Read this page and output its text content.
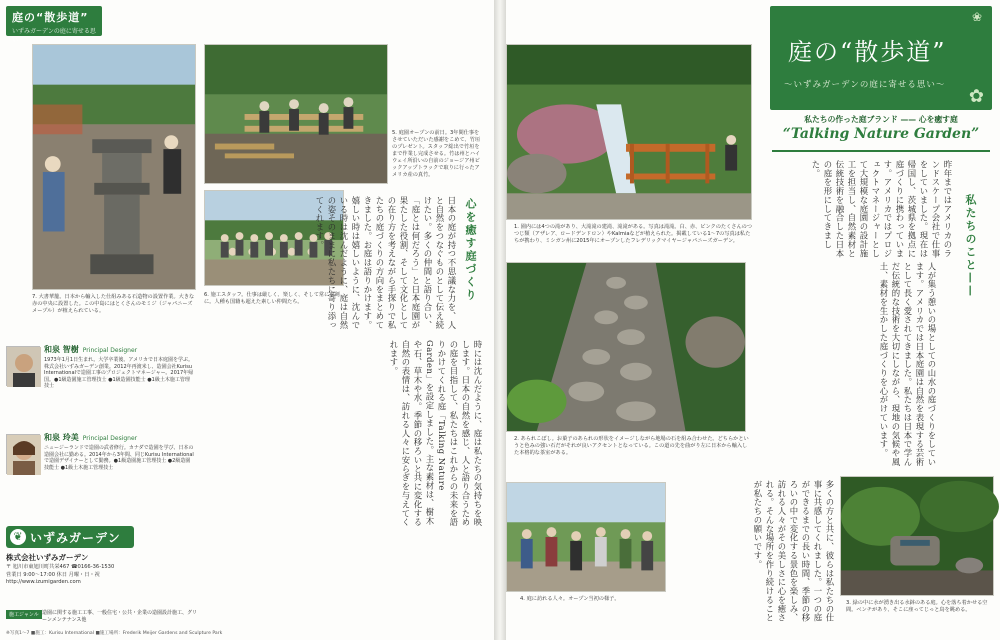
庭の“散歩道”
いずみガーデンの庭に寄せる思い
7. 大書華籠。日本から輸入した仕組みある石造物の設置作業。大きな赤の中央に設置した。この中島にはとくさんのモミジ（ジャパニーズメープル）が植えられている。
5. 庭園オープンの前日。3年間仕事をさせていただいた感謝をこめて、竹垣のプレゼント。スタッフ総出で竹垣をまで作業し完成させる。竹は州とハイウェイ所沿いの自前のジョージア州ピックアップトラックで取りに行ったアメリカ産の真竹。
6. 施工スタッフ。仕事は厳しく、楽しく、そして常に真剣に。人種も国籍も超えた素しい仲間たち。	心を癒す庭づくり
日本の庭が持つ不思議な力を、人と自然をつなぐものとして伝え続けたい。多くの仲間と語り合い、「庭とは何だろう」と日本庭園が果たした役割、そして文化としての在り方を考えながら手探りで私たちの庭づくりの方向をまとめてきました。お庭は語りかけます。嬉しい時は嬉しいように、沈んでいる時は沈んだように、庭は自然の姿そのままに私たちに寄り添ってくれます。
時には沈んだように、庭は私たちの気持ちを映します。日本の自然を感じ、人と語り合うための庭を目指して、私たちはこれからの未来を語りかけてくれる庭「Talking Nature Garden」を設定しました。主な素材は、樹木や石、草木や水。季節の移ろいと共に変化する自然の表情は、訪れる人々に安らぎを与えてくれます。
和泉 智樹 Principal Designer
1973年1月1日生まれ。大学卒業後、アメリカで日本庭園を学ぶ。株式会社いずみガーデン創業。2012年再渡米し、造園会社Kurisu Internationalで造園工事のプロジェクトマネージャー。2017年帰国。●1級造園施工管理技士 ●1級造園技能士 ●1級土木施工管理技士
和泉 玲美 Principal Designer
ニュージーランドで造園の武者修行。カナダで造園を学び、日本の造園会社に勤める。2014年から3年間、同じKurisu Internationalで造園デザイナーとして勤務。●1級造園施工管理技士 ●2級造園技能士 ●1級土木施工管理技士
❦ いずみガーデン
株式会社いずみガーデン
〒 旭川市東旭川町共栄467 ☎0166-36-1530
営業日 9:00〜17:00 休日 月曜・日・祝
http://www.izumigarden.com
施工ジャンル 造園に関する施工工事、一般住宅・公共・企業の造園設計施工、グリーンメンテナンス他
※写真1〜7 ■施工：Kurisu International ■施工場所：Frederik Meijer Gardens and Sculpture Park
1. 園内には4つの滝があり、大滝滝の建滝、滝滝がある。写真は滝滝。白、赤、ピンクのたくさんのつつじ類（アザレア、ロードデンドロン）やKalmiaなどが植えられた。掲載している1〜7の写真は私たちが携わり、ミシガン州に2015年にオープンしたフレデリックマイヤージャパニーズガーデン。
2. あられこぼし。お菓子のあられの形状をイメージしながら地場の石を組み合わせた。どちらかというと色みの強い石だがそれが良いアクセントとなっている。この道の先を曲がり左に日本から輸入した本格的な茶室がある。
4. 庭に訪れる人々。オープン当初の様子。
3. 緑の中に水が湧き出る水鉢のある庭。心を落ち着かせる空間。ベンチがあり、そこに座ってじっと鳥を眺める。
多くの方と共に、彼らは私たちの仕事に共感してくれました。一つの庭ができるまでの長い時間、季節の移ろいの中で変化する景色を楽しみ、訪れる人々がその美しさに心を癒される。そんな場所を作り続けることが私たちの願いです。
人が集う憩いの場としての山水の庭づくりをしています。アメリカでは日本庭園は自然を表現する芸術として長く愛されてきました。私たちは日本で学んだ伝統的な技術を大切にしながら、現地の気候や風土、素材を生かした庭づくりを心がけています。
私たちのこと——
昨年まではアメリカのランドスケープ会社で仕事をしていました。現在は帰国し、茨城県を拠点に庭づくりに携わっています。アメリカではプロジェクトマネージャーとして大規模な庭園の設計施工を担当し、自然素材と伝統技術を融合した日本の庭を形にしてきました。
❀
庭の“散歩道”
〜いずみガーデンの庭に寄せる思い〜
✿
私たちの作った庭ブランド —— 心を癒す庭
“Talking Nature Garden”
